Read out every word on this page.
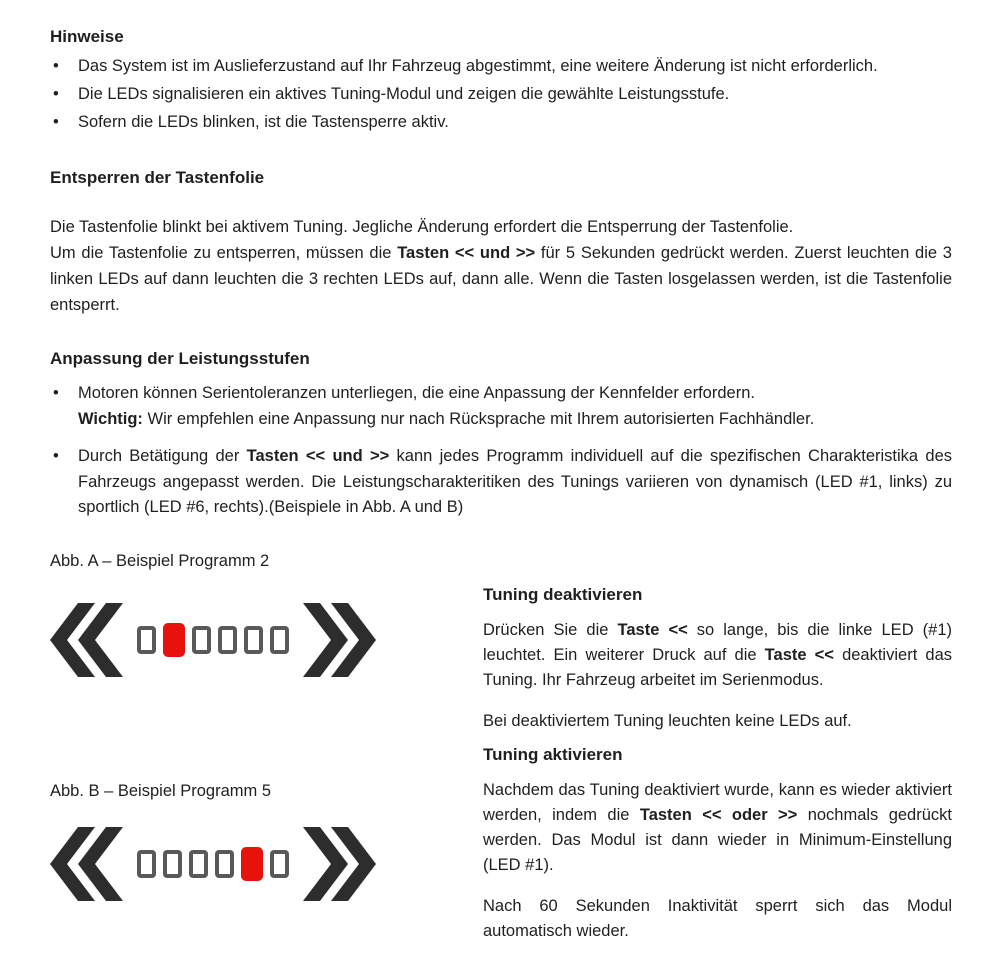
Hinweise
• Das System ist im Auslieferzustand auf Ihr Fahrzeug abgestimmt, eine weitere Änderung ist nicht erforderlich.
• Die LEDs signalisieren ein aktives Tuning-Modul und zeigen die gewählte Leistungsstufe.
• Sofern die LEDs blinken, ist die Tastensperre aktiv.
Entsperren der Tastenfolie

Die Tastenfolie blinkt bei aktivem Tuning. Jegliche Änderung erfordert die Entsperrung der Tastenfolie.

Um die Tastenfolie zu entsperren, müssen die Tasten << und >> für 5 Sekunden gedrückt werden. Zuerst leuchten die 3 linken LEDs auf dann leuchten die 3 rechten LEDs auf, dann alle. Wenn die Tasten losgelassen werden, ist die Tastenfolie entsperrt.

Anpassung der Leistungsstufen
• Motoren können Serientoleranzen unterliegen, die eine Anpassung der Kennfelder erfordern.
Wichtig: Wir empfehlen eine Anpassung nur nach Rücksprache mit Ihrem autorisierten Fachhändler.
• Durch Betätigung der Tasten << und >> kann jedes Programm individuell auf die spezifischen Charakteristika des Fahrzeugs angepasst werden. Die Leistungscharakteritiken des Tunings variieren von dynamisch (LED #1, links) zu sportlich (LED #6, rechts).(Beispiele in Abb. A und B)
Abb. A – Beispiel Programm 2
Abb. B – Beispiel Programm 5
Tuning deaktivieren

Drücken Sie die Taste << so lange, bis die linke LED (#1) leuchtet. Ein weiterer Druck auf die Taste << deaktiviert das Tuning. Ihr Fahrzeug arbeitet im Serienmodus.

Bei deaktiviertem Tuning leuchten keine LEDs auf.

Tuning aktivieren

Nachdem das Tuning deaktiviert wurde, kann es wieder aktiviert werden, indem die Tasten << oder >> nochmals gedrückt werden. Das Modul ist dann wieder in Minimum-Einstellung (LED #1).

Nach 60 Sekunden Inaktivität sperrt sich das Modul automatisch wieder.
